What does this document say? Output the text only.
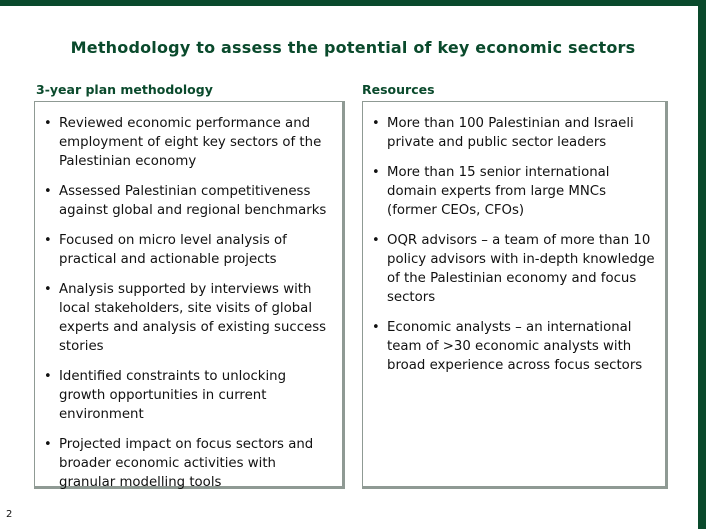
Methodology to assess the potential of key economic sectors
3-year plan methodology	Resources
• Reviewed economic performance and employment of eight key sectors of the Palestinian economy
• Assessed Palestinian competitiveness against global and regional benchmarks
• Focused on micro level analysis of practical and actionable projects
• Analysis supported by interviews with local stakeholders, site visits of global experts and analysis of existing success stories
• Identified constraints to unlocking growth opportunities in current environment
• Projected impact on focus sectors and broader economic activities with granular modelling tools
• More than 100 Palestinian and Israeli private and public sector leaders
• More than 15 senior international domain experts from large MNCs (former CEOs, CFOs)
• OQR advisors – a team of more than 10 policy advisors with in-depth knowledge of the Palestinian economy and focus sectors
• Economic analysts – an international team of >30 economic analysts with broad experience across focus sectors
2
